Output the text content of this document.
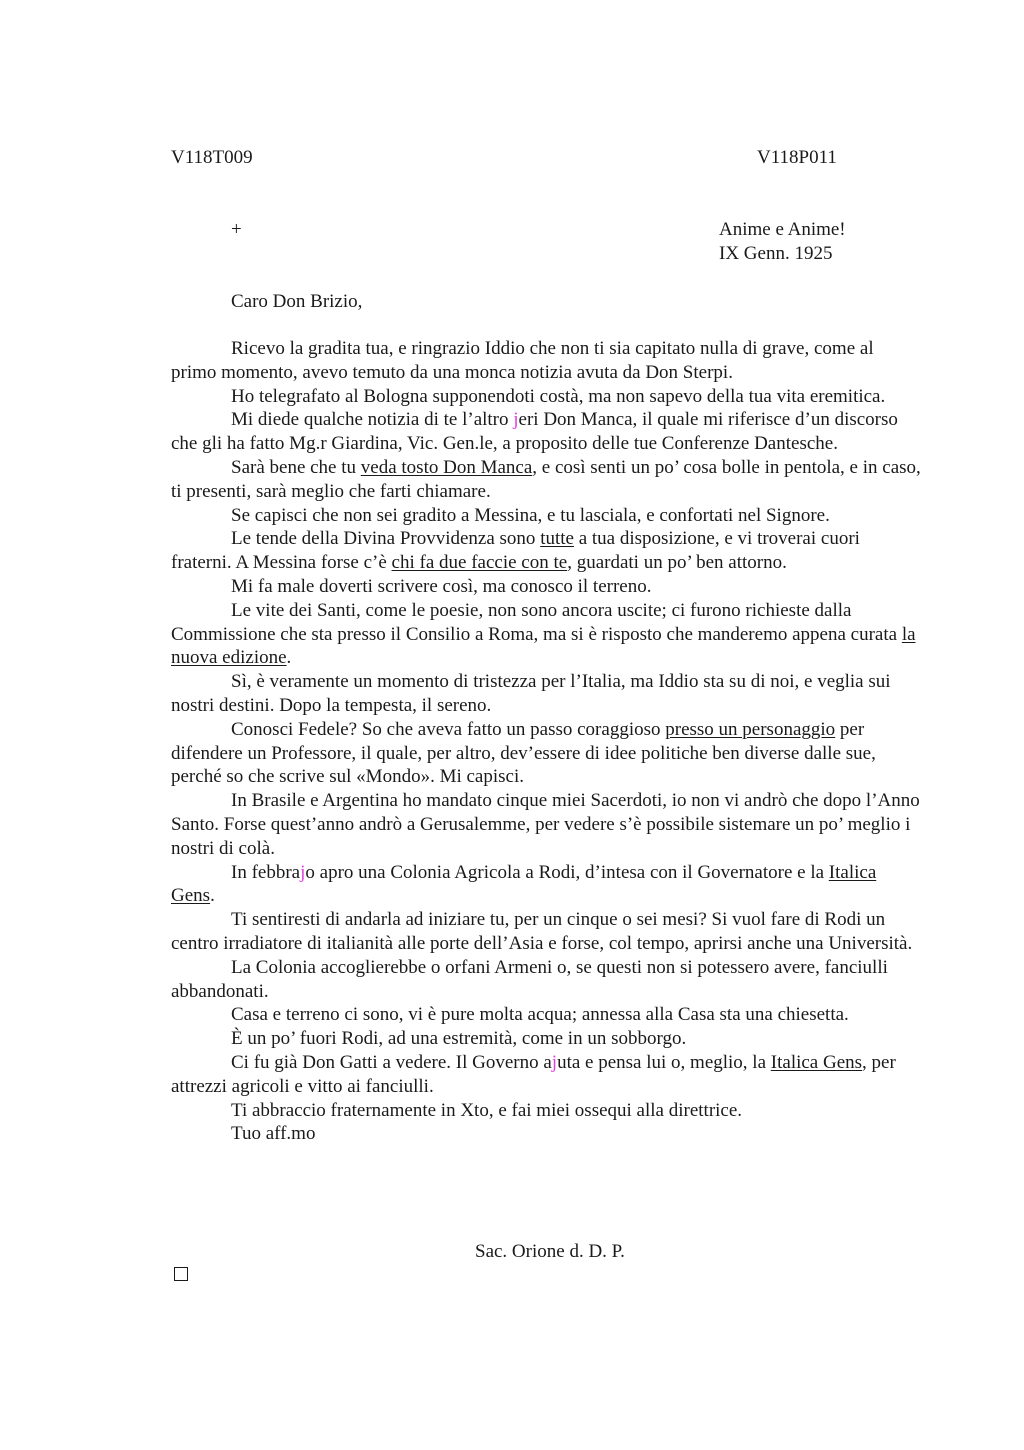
V118T009	V118P011
+	Anime e Anime!
IX Genn. 1925
Caro Don Brizio,

Ricevo la gradita tua, e ringrazio Iddio che non ti sia capitato nulla di grave, come al primo momento, avevo temuto da una monca notizia avuta da Don Sterpi.

Ho telegrafato al Bologna supponendoti costà, ma non sapevo della tua vita eremitica.

Mi diede qualche notizia di te l’altro jeri Don Manca, il quale mi riferisce d’un discorso che gli ha fatto Mg.r Giardina, Vic. Gen.le, a proposito delle tue Conferenze Dantesche.

Sarà bene che tu veda tosto Don Manca, e così senti un po’ cosa bolle in pentola, e in caso, ti presenti, sarà meglio che farti chiamare.

Se capisci che non sei gradito a Messina, e tu lasciala, e confortati nel Signore.

Le tende della Divina Provvidenza sono tutte a tua disposizione, e vi troverai cuori fraterni. A Messina forse c’è chi fa due faccie con te, guardati un po’ ben attorno.

Mi fa male doverti scrivere così, ma conosco il terreno.

Le vite dei Santi, come le poesie, non sono ancora uscite; ci furono richieste dalla Commissione che sta presso il Consilio a Roma, ma si è risposto che manderemo appena curata la nuova edizione.

Sì, è veramente un momento di tristezza per l’Italia, ma Iddio sta su di noi, e veglia sui nostri destini. Dopo la tempesta, il sereno.

Conosci Fedele? So che aveva fatto un passo coraggioso presso un personaggio per difendere un Professore, il quale, per altro, dev’essere di idee politiche ben diverse dalle sue, perché so che scrive sul «Mondo». Mi capisci.

In Brasile e Argentina ho mandato cinque miei Sacerdoti, io non vi andrò che dopo l’Anno Santo. Forse quest’anno andrò a Gerusalemme, per vedere s’è possibile sistemare un po’ meglio i nostri di colà.

In febbrajo apro una Colonia Agricola a Rodi, d’intesa con il Governatore e la Italica Gens.

Ti sentiresti di andarla ad iniziare tu, per un cinque o sei mesi? Si vuol fare di Rodi un centro irradiatore di italianità alle porte dell’Asia e forse, col tempo, aprirsi anche una Università.

La Colonia accoglierebbe o orfani Armeni o, se questi non si potessero avere, fanciulli abbandonati.

Casa e terreno ci sono, vi è pure molta acqua; annessa alla Casa sta una chiesetta.

È un po’ fuori Rodi, ad una estremità, come in un sobborgo.

Ci fu già Don Gatti a vedere. Il Governo ajuta e pensa lui o, meglio, la Italica Gens, per attrezzi agricoli e vitto ai fanciulli.

Ti abbraccio fraternamente in Xto, e fai miei ossequi alla direttrice.

Tuo aff.mo

Sac. Orione d. D. P.
